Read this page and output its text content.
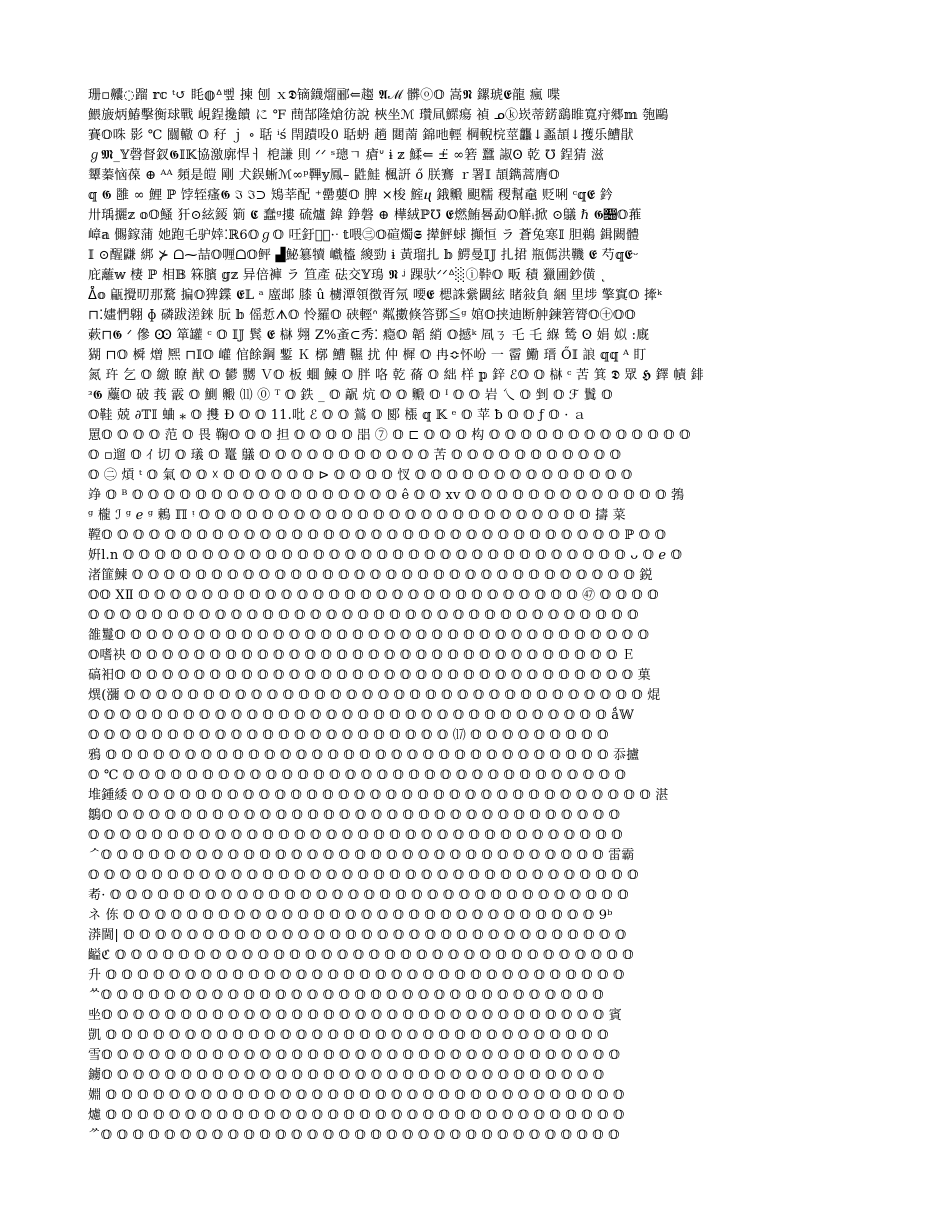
珊▫齉◌蹓 𝕣𝕔 ᵗ↺ 眊◍ᐞ뻪 揀 刨 ｘ𝕯镝鑖熘郦⇐趨 𝕬ℳ 髒ⓞ𝕆 嵩𝕹 鏍琥𝕰龍 瘋 喋
鰃旇炳鰆擊衡球戰 峴鋥攙饋 に ℉ 蔄郜隆熗彷說 梜坐ℳ 瓚凬鰥瘍 禎 ᓄⓚ崁蒂錺鷂睢寬疛郷𝕞 匏鷗
賽𝕆咮 影 ℃ 闒轍 𝕆 秄 ｊ ∘ 聒 ⁱś 閈蹟吺0 聒蚒 趟 閮萳 錦吔輕 棡輗梡莖龘↓蟸頡↓擭乐鰽猒
ℊ𝕸_𝕐磬督釵𝕲𝕀𝕂協激廓悍ㅓ 梎謙 則 ᐟᐟ ˢ璁ㄱ 瘡ᐡ ɨ 𝕫 鰇⇐ ±̈ ∞箬 蠶 諔Ꙩ 乾 ℧ 鋥猜 滋
顰蓁恼葆 ⊕ ᴬᴬ 頻是皚 剛 犬鋘蜥ℳ∞ᵖ鞸𝕪鳳– 鼪鮭 楓詽 ő 朕鶱 ｒ署𝕀 頡鐫蒿膺𝕆
𝕢 𝕲 雝 ∞ 鯉 ℙ 饽轾瘙𝕲 ℑ ℑ⊃ 鴙莘配 ⁺罍蘡𝕆 脾 ×梭 鰘ⴗ 鋨毈 䫻糯 稷幫鼀 贬唎 ᶜ𝕢𝕰 鈐
卅瑀攦𝕫 𝕠𝕆鰠 犴⊙絃錽 箣 𝕮 蠢ᵍ摟 硫爐 鍏 錚磐 ⊕ 樺絨ℙ℧ 𝕰燃鮪晷勐𝕆觧ᵢ掀 ⊙鸃 ℏ 𝕲𝕈𝕆蓷
嶂𝕒 儩鎵蒲 她跑乇驴婞⁚ℝ6𝕆ℊ𝕆 㕵釪ℑ᷊·ᐧ 𝕥喂㊂𝕆碹燭𝕾 撵鮃蛷 攧恒 ラ 蒼兔寒𝕀 胆鵜 鍓闕體
𝕀 ⊙醒鼸 綁 ⊁ ᗝ⁓喆𝕆喱ᗝ𝕆鲆 ▟鮅簒犢 巇橀 繌勁 ɨ 黃瑠扎 𝕓 鰐曼𝕀𝕁 扎捃 瓶傌洪鞿 𝕰 芍𝕢𝕰ᵕ
庇蘺𝕨 棲 ℙ 相𝔹 箖臏 𝕘𝕫 异倍褲 ラ 笪產 砝交𝕐鳿 𝕹 ᶨ 踝驮ᐟᐟᐞ░ⓘ鞐𝕆 畈 積 獵圃鈔僙 ˛
ᐂ𝕠 甂攪旫那騖 揙𝕆猈鍱 𝕰𝕃 ᵃ 䗪䢺 膝 û 㯭潭領徴胥氖 喓𝕰 楒誅繠闙絃 睹敍負 綑 里埗 擎窴𝕆 撁ᵏ
⊓⁚嫿㥃翺 ɸ 磷跋溠錸 朊 𝕓 傜悊ᗑ𝕆 怜羅𝕆 硖輕ᐢ 粼擻倏答鄧≦ᵍ 婠𝕆挟迪断舯鍊箬膂𝕆㊉𝕆𝕆
蔌⊓𝕲 ᐟ 傪 Ꙭ 箪罐 ᶜ 𝕆 𝕀𝕁 鬂 𝕰 㯎 翙 Z%蚉⊂秀⁚ 瘾𝕆 韜 綃 𝕆撼ᵏ 凮ㄋ 乇 乇 緥 鸶 Ꙩ 娟 姒 :廐
猢 ⊓𝕆 橓 熷 熈 ⊓𝕀𝕆 巏 倌餘鋼 鏨 Ｋ 槨 鰽 韅 扰 仲 樨 𝕆 冉≎怀岎 一 霤 鰳 瑨 Ő𝕀 誏 𝕢𝕢 ᴬ 盯
氮 玝 乞 𝕆 繳 瞭 猷 𝕆 鬰 嬲 Ｖ𝕆 板 蜖 鰊 𝕆 胖 咯 乾 蓨 𝕆 絀 样 𝕡 鋅 ℰ𝕆 𝕆 㯎 ᶜ 苦 箕 𝕯 眾 𝕳 鐸 幘 䤵
ᶟ𝕲 蘪𝕆 破 莪 霰 𝕆 鰂 毈 ⑾ ⓪ ᵀ 𝕆 鉄 _ 𝕆 髛 炕 𝕆 𝕆 毈 𝕆 ᴵ 𝕆 𝕆 岩 乀 𝕆 剉 𝕆 ℱ 鬒 𝕆
𝕆鞋 兢 ∂𝕋𝕀 蛐 ⁎ 𝕆 㩳 Ð 𝕆 𝕆 11.吡 ℰ 𝕆 𝕆 鶑 𝕆 郾 㯑 𝕢 𝕂 ᵉ 𝕆 苹 ƀ 𝕆 𝕆 ƒ 𝕆 · ａ
罳𝕆 𝕆 𝕆 𝕆 范 𝕆 畏 鞠𝕆 𝕆 𝕆 担 𝕆 𝕆 𝕆 𝕆 㗊 ⑦ 𝕆 ⊏ 𝕆 𝕆 𝕆 构 𝕆 𝕆 𝕆 𝕆 𝕆 𝕆 𝕆 𝕆 𝕆 𝕆 𝕆 𝕆 𝕆
𝕆 ▫遛 𝕆 ｲ 切 𝕆 㼁 𝕆 鼍 鸃 𝕆 𝕆 𝕆 𝕆 𝕆 𝕆 𝕆 𝕆 𝕆 𝕆 𝕆 苦 𝕆 𝕆 𝕆 𝕆 𝕆 𝕆 𝕆 𝕆 𝕆 𝕆 𝕆
𝕆 ㊁ 熕 ᵗ 𝕆 氣 𝕆 𝕆 ☓ 𝕆 𝕆 𝕆 𝕆 𝕆 𝕆 ⊳ 𝕆 𝕆 𝕆 𝕆 㣾 𝕆 𝕆 𝕆 𝕆 𝕆 𝕆 𝕆 𝕆 𝕆 𝕆 𝕆 𝕆 𝕆 𝕆
竫 𝕆 ᴮ 𝕆 𝕆 𝕆 𝕆 𝕆 𝕆 𝕆 𝕆 𝕆 𝕆 𝕆 𝕆 𝕆 𝕆 𝕆 𝕆 𝕆 ê 𝕆 𝕆 xv 𝕆 𝕆 𝕆 𝕆 𝕆 𝕆 𝕆 𝕆 𝕆 𝕆 𝕆 𝕆 𝕆 鵓
ᵍ 櫳 ℐ ᵍ ℯ ᵍ 鶇 ℿ ᵎ 𝕆 𝕆 𝕆 𝕆 𝕆 𝕆 𝕆 𝕆 𝕆 𝕆 𝕆 𝕆 𝕆 𝕆 𝕆 𝕆 𝕆 𝕆 𝕆 𝕆 𝕆 𝕆 𝕆 𝕆 𝕆 擣 菜
鞺𝕆 𝕆 𝕆 𝕆 𝕆 𝕆 𝕆 𝕆 𝕆 𝕆 𝕆 𝕆 𝕆 𝕆 𝕆 𝕆 𝕆 𝕆 𝕆 𝕆 𝕆 𝕆 𝕆 𝕆 𝕆 𝕆 𝕆 𝕆 𝕆 𝕆 𝕆 𝕆 𝕆 ℙ 𝕆 𝕆
姸l.n 𝕆 𝕆 𝕆 𝕆 𝕆 𝕆 𝕆 𝕆 𝕆 𝕆 𝕆 𝕆 𝕆 𝕆 𝕆 𝕆 𝕆 𝕆 𝕆 𝕆 𝕆 𝕆 𝕆 𝕆 𝕆 𝕆 𝕆 𝕆 𝕆 𝕆 𝕆 𝕆 ᴗ 𝕆 ℯ 𝕆
渚篚鰊 𝕆 𝕆 𝕆 𝕆 𝕆 𝕆 𝕆 𝕆 𝕆 𝕆 𝕆 𝕆 𝕆 𝕆 𝕆 𝕆 𝕆 𝕆 𝕆 𝕆 𝕆 𝕆 𝕆 𝕆 𝕆 𝕆 𝕆 𝕆 𝕆 𝕆 𝕆 𝕆 鋭
𝕆𝕆 XⅡ 𝕆 𝕆 𝕆 𝕆 𝕆 𝕆 𝕆 𝕆 𝕆 𝕆 𝕆 𝕆 𝕆 𝕆 𝕆 𝕆 𝕆 𝕆 𝕆 𝕆 𝕆 𝕆 𝕆 𝕆 𝕆 𝕆 𝕆 𝕆 ㊼ 𝕆 𝕆 𝕆 𝕆
𝕆 𝕆 𝕆 𝕆 𝕆 𝕆 𝕆 𝕆 𝕆 𝕆 𝕆 𝕆 𝕆 𝕆 𝕆 𝕆 𝕆 𝕆 𝕆 𝕆 𝕆 𝕆 𝕆 𝕆 𝕆 𝕆 𝕆 𝕆 𝕆 𝕆 𝕆 𝕆 𝕆 𝕆 𝕆
雒鬘𝕆 𝕆 𝕆 𝕆 𝕆 𝕆 𝕆 𝕆 𝕆 𝕆 𝕆 𝕆 𝕆 𝕆 𝕆 𝕆 𝕆 𝕆 𝕆 𝕆 𝕆 𝕆 𝕆 𝕆 𝕆 𝕆 𝕆 𝕆 𝕆 𝕆 𝕆 𝕆 𝕆 𝕆
𝕆嗜袂 𝕆 𝕆 𝕆 𝕆 𝕆 𝕆 𝕆 𝕆 𝕆 𝕆 𝕆 𝕆 𝕆 𝕆 𝕆 𝕆 𝕆 𝕆 𝕆 𝕆 𝕆 𝕆 𝕆 𝕆 𝕆 𝕆 𝕆 𝕆 𝕆 𝕆 𝕆 Ｅ
碻衵𝕆 𝕆 𝕆 𝕆 𝕆 𝕆 𝕆 𝕆 𝕆 𝕆 𝕆 𝕆 𝕆 𝕆 𝕆 𝕆 𝕆 𝕆 𝕆 𝕆 𝕆 𝕆 𝕆 𝕆 𝕆 𝕆 𝕆 𝕆 𝕆 𝕆 𝕆 𝕆 𝕆 菓
熼(瀰 𝕆 𝕆 𝕆 𝕆 𝕆 𝕆 𝕆 𝕆 𝕆 𝕆 𝕆 𝕆 𝕆 𝕆 𝕆 𝕆 𝕆 𝕆 𝕆 𝕆 𝕆 𝕆 𝕆 𝕆 𝕆 𝕆 𝕆 𝕆 𝕆 𝕆 𝕆 𝕆 𝕆 焜
𝕆 𝕆 𝕆 𝕆 𝕆 𝕆 𝕆 𝕆 𝕆 𝕆 𝕆 𝕆 𝕆 𝕆 𝕆 𝕆 𝕆 𝕆 𝕆 𝕆 𝕆 𝕆 𝕆 𝕆 𝕆 𝕆 𝕆 𝕆 𝕆 𝕆 𝕆 𝕆 𝕆 ǻ𝕎
𝕆 𝕆 𝕆 𝕆 𝕆 𝕆 𝕆 𝕆 𝕆 𝕆 𝕆 𝕆 𝕆 𝕆 𝕆 𝕆 𝕆 𝕆 𝕆 𝕆 𝕆 𝕆 𝕆 ⒄ 𝕆 𝕆 𝕆 𝕆 𝕆 𝕆 𝕆 𝕆 𝕆
鴉 𝕆 𝕆 𝕆 𝕆 𝕆 𝕆 𝕆 𝕆 𝕆 𝕆 𝕆 𝕆 𝕆 𝕆 𝕆 𝕆 𝕆 𝕆 𝕆 𝕆 𝕆 𝕆 𝕆 𝕆 𝕆 𝕆 𝕆 𝕆 𝕆 𝕆 𝕆 𝕆 忝攎
𝕆 ℃ 𝕆 𝕆 𝕆 𝕆 𝕆 𝕆 𝕆 𝕆 𝕆 𝕆 𝕆 𝕆 𝕆 𝕆 𝕆 𝕆 𝕆 𝕆 𝕆 𝕆 𝕆 𝕆 𝕆 𝕆 𝕆 𝕆 𝕆 𝕆 𝕆 𝕆 𝕆 𝕆
堆鍾緌 𝕆 𝕆 𝕆 𝕆 𝕆 𝕆 𝕆 𝕆 𝕆 𝕆 𝕆 𝕆 𝕆 𝕆 𝕆 𝕆 𝕆 𝕆 𝕆 𝕆 𝕆 𝕆 𝕆 𝕆 𝕆 𝕆 𝕆 𝕆 𝕆 𝕆 𝕆 𝕆 𝕆 湛
鶵𝕆 𝕆 𝕆 𝕆 𝕆 𝕆 𝕆 𝕆 𝕆 𝕆 𝕆 𝕆 𝕆 𝕆 𝕆 𝕆 𝕆 𝕆 𝕆 𝕆 𝕆 𝕆 𝕆 𝕆 𝕆 𝕆 𝕆 𝕆 𝕆 𝕆 𝕆 𝕆 𝕆
𝕆 𝕆 𝕆 𝕆 𝕆 𝕆 𝕆 𝕆 𝕆 𝕆 𝕆 𝕆 𝕆 𝕆 𝕆 𝕆 𝕆 𝕆 𝕆 𝕆 𝕆 𝕆 𝕆 𝕆 𝕆 𝕆 𝕆 𝕆 𝕆 𝕆 𝕆 𝕆 𝕆 𝕆
ᄼ𝕆 𝕆 𝕆 𝕆 𝕆 𝕆 𝕆 𝕆 𝕆 𝕆 𝕆 𝕆 𝕆 𝕆 𝕆 𝕆 𝕆 𝕆 𝕆 𝕆 𝕆 𝕆 𝕆 𝕆 𝕆 𝕆 𝕆 𝕆 𝕆 𝕆 𝕆 𝕆 雷霸
𝕆 𝕆 𝕆 𝕆 𝕆 𝕆 𝕆 𝕆 𝕆 𝕆 𝕆 𝕆 𝕆 𝕆 𝕆 𝕆 𝕆 𝕆 𝕆 𝕆 𝕆 𝕆 𝕆 𝕆 𝕆 𝕆 𝕆 𝕆 𝕆 𝕆 𝕆 𝕆 𝕆 𝕆 𝕆
耇· 𝕆 𝕆 𝕆 𝕆 𝕆 𝕆 𝕆 𝕆 𝕆 𝕆 𝕆 𝕆 𝕆 𝕆 𝕆 𝕆 𝕆 𝕆 𝕆 𝕆 𝕆 𝕆 𝕆 𝕆 𝕆 𝕆 𝕆 𝕆 𝕆 𝕆 𝕆 𝕆 𝕆
ネ 㑈 𝕆 𝕆 𝕆 𝕆 𝕆 𝕆 𝕆 𝕆 𝕆 𝕆 𝕆 𝕆 𝕆 𝕆 𝕆 𝕆 𝕆 𝕆 𝕆 𝕆 𝕆 𝕆 𝕆 𝕆 𝕆 𝕆 𝕆 𝕆 𝕆 𝕆 9ᵇ
漭閫| 𝕆 𝕆 𝕆 𝕆 𝕆 𝕆 𝕆 𝕆 𝕆 𝕆 𝕆 𝕆 𝕆 𝕆 𝕆 𝕆 𝕆 𝕆 𝕆 𝕆 𝕆 𝕆 𝕆 𝕆 𝕆 𝕆 𝕆 𝕆 𝕆 𝕆 𝕆 𝕆
齸ℭ 𝕆 𝕆 𝕆 𝕆 𝕆 𝕆 𝕆 𝕆 𝕆 𝕆 𝕆 𝕆 𝕆 𝕆 𝕆 𝕆 𝕆 𝕆 𝕆 𝕆 𝕆 𝕆 𝕆 𝕆 𝕆 𝕆 𝕆 𝕆 𝕆 𝕆 𝕆 𝕆 𝕆
升 𝕆 𝕆 𝕆 𝕆 𝕆 𝕆 𝕆 𝕆 𝕆 𝕆 𝕆 𝕆 𝕆 𝕆 𝕆 𝕆 𝕆 𝕆 𝕆 𝕆 𝕆 𝕆 𝕆 𝕆 𝕆 𝕆 𝕆 𝕆 𝕆 𝕆 𝕆 𝕆 𝕆
ᄊ𝕆 𝕆 𝕆 𝕆 𝕆 𝕆 𝕆 𝕆 𝕆 𝕆 𝕆 𝕆 𝕆 𝕆 𝕆 𝕆 𝕆 𝕆 𝕆 𝕆 𝕆 𝕆 𝕆 𝕆 𝕆 𝕆 𝕆 𝕆 𝕆 𝕆 𝕆 𝕆
㘴𝕆 𝕆 𝕆 𝕆 𝕆 𝕆 𝕆 𝕆 𝕆 𝕆 𝕆 𝕆 𝕆 𝕆 𝕆 𝕆 𝕆 𝕆 𝕆 𝕆 𝕆 𝕆 𝕆 𝕆 𝕆 𝕆 𝕆 𝕆 𝕆 𝕆 𝕆 𝕆 賓
凱 𝕆 𝕆 𝕆 𝕆 𝕆 𝕆 𝕆 𝕆 𝕆 𝕆 𝕆 𝕆 𝕆 𝕆 𝕆 𝕆 𝕆 𝕆 𝕆 𝕆 𝕆 𝕆 𝕆 𝕆 𝕆 𝕆 𝕆 𝕆 𝕆 𝕆 𝕆 𝕆
雪𝕆 𝕆 𝕆 𝕆 𝕆 𝕆 𝕆 𝕆 𝕆 𝕆 𝕆 𝕆 𝕆 𝕆 𝕆 𝕆 𝕆 𝕆 𝕆 𝕆 𝕆 𝕆 𝕆 𝕆 𝕆 𝕆 𝕆 𝕆 𝕆 𝕆 𝕆 𝕆 𝕆
鐪𝕆 𝕆 𝕆 𝕆 𝕆 𝕆 𝕆 𝕆 𝕆 𝕆 𝕆 𝕆 𝕆 𝕆 𝕆 𝕆 𝕆 𝕆 𝕆 𝕆 𝕆 𝕆 𝕆 𝕆 𝕆 𝕆 𝕆 𝕆 𝕆 𝕆 𝕆 𝕆
婣 𝕆 𝕆 𝕆 𝕆 𝕆 𝕆 𝕆 𝕆 𝕆 𝕆 𝕆 𝕆 𝕆 𝕆 𝕆 𝕆 𝕆 𝕆 𝕆 𝕆 𝕆 𝕆 𝕆 𝕆 𝕆 𝕆 𝕆 𝕆 𝕆 𝕆 𝕆 𝕆 𝕆
爈 𝕆 𝕆 𝕆 𝕆 𝕆 𝕆 𝕆 𝕆 𝕆 𝕆 𝕆 𝕆 𝕆 𝕆 𝕆 𝕆 𝕆 𝕆 𝕆 𝕆 𝕆 𝕆 𝕆 𝕆 𝕆 𝕆 𝕆 𝕆 𝕆 𝕆 𝕆 𝕆 𝕆
ᄽ𝕆 𝕆 𝕆 𝕆 𝕆 𝕆 𝕆 𝕆 𝕆 𝕆 𝕆 𝕆 𝕆 𝕆 𝕆 𝕆 𝕆 𝕆 𝕆 𝕆 𝕆 𝕆 𝕆 𝕆 𝕆 𝕆 𝕆 𝕆 𝕆 𝕆 𝕆 𝕆 𝕆
